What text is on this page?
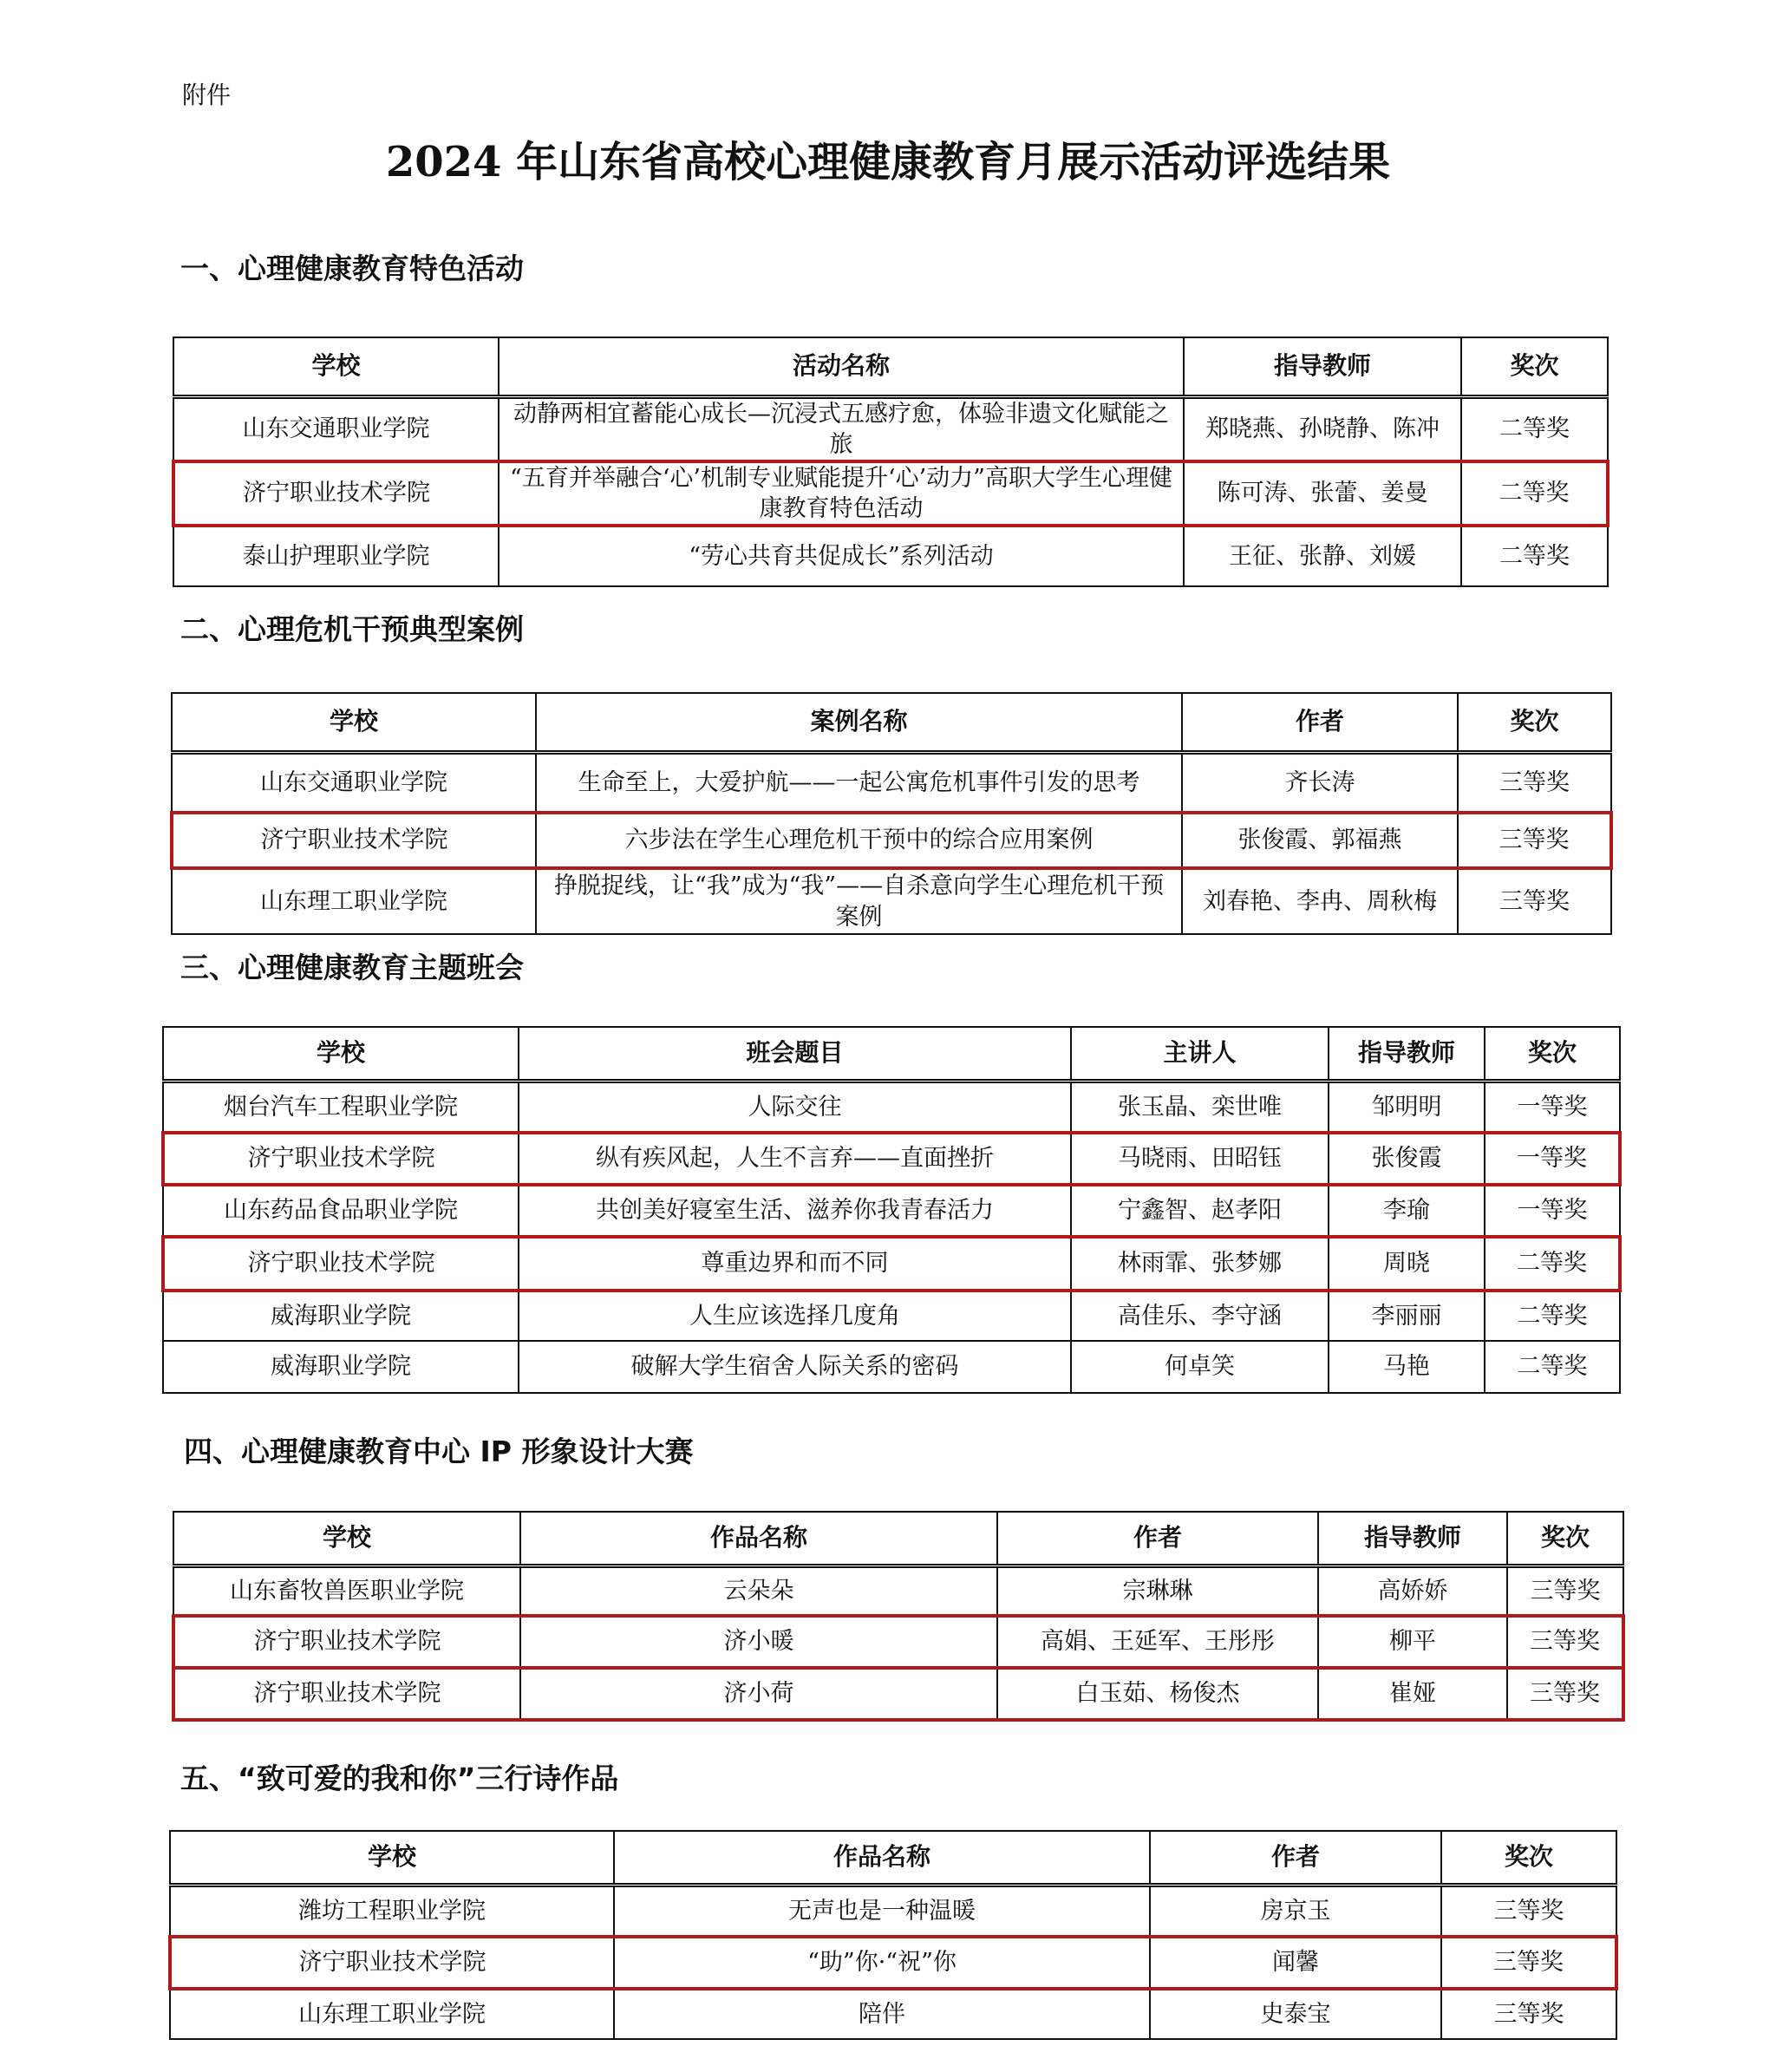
附件
2024 年山东省高校心理健康教育月展示活动评选结果
一、心理健康教育特色活动
学校	活动名称	指导教师	奖次
山东交通职业学院	动静两相宜蓄能心成长—沉浸式五感疗愈，体验非遗文化赋能之旅	郑晓燕、孙晓静、陈冲	二等奖
济宁职业技术学院	“五育并举融合‘心’机制专业赋能提升‘心’动力”高职大学生心理健康教育特色活动	陈可涛、张蕾、姜曼	二等奖
泰山护理职业学院	“劳心共育共促成长”系列活动	王征、张静、刘媛	二等奖
二、心理危机干预典型案例
学校	案例名称	作者	奖次
山东交通职业学院	生命至上，大爱护航——一起公寓危机事件引发的思考	齐长涛	三等奖
济宁职业技术学院	六步法在学生心理危机干预中的综合应用案例	张俊霞、郭福燕	三等奖
山东理工职业学院	挣脱捉线，让“我”成为“我”——自杀意向学生心理危机干预案例	刘春艳、李冉、周秋梅	三等奖
三、心理健康教育主题班会
学校	班会题目	主讲人	指导教师	奖次
烟台汽车工程职业学院	人际交往	张玉晶、栾世唯	邹明明	一等奖
济宁职业技术学院	纵有疾风起，人生不言弃——直面挫折	马晓雨、田昭钰	张俊霞	一等奖
山东药品食品职业学院	共创美好寝室生活、滋养你我青春活力	宁鑫智、赵孝阳	李瑜	一等奖
济宁职业技术学院	尊重边界和而不同	林雨霏、张梦娜	周晓	二等奖
威海职业学院	人生应该选择几度角	高佳乐、李守涵	李丽丽	二等奖
威海职业学院	破解大学生宿舍人际关系的密码	何卓笑	马艳	二等奖
四、心理健康教育中心 IP 形象设计大赛
学校	作品名称	作者	指导教师	奖次
山东畜牧兽医职业学院	云朵朵	宗琳琳	高娇娇	三等奖
济宁职业技术学院	济小暖	高娟、王延军、王彤彤	柳平	三等奖
济宁职业技术学院	济小荷	白玉茹、杨俊杰	崔娅	三等奖
五、“致可爱的我和你”三行诗作品
学校	作品名称	作者	奖次
潍坊工程职业学院	无声也是一种温暖	房京玉	三等奖
济宁职业技术学院	“助”你·“祝”你	闻馨	三等奖
山东理工职业学院	陪伴	史泰宝	三等奖
